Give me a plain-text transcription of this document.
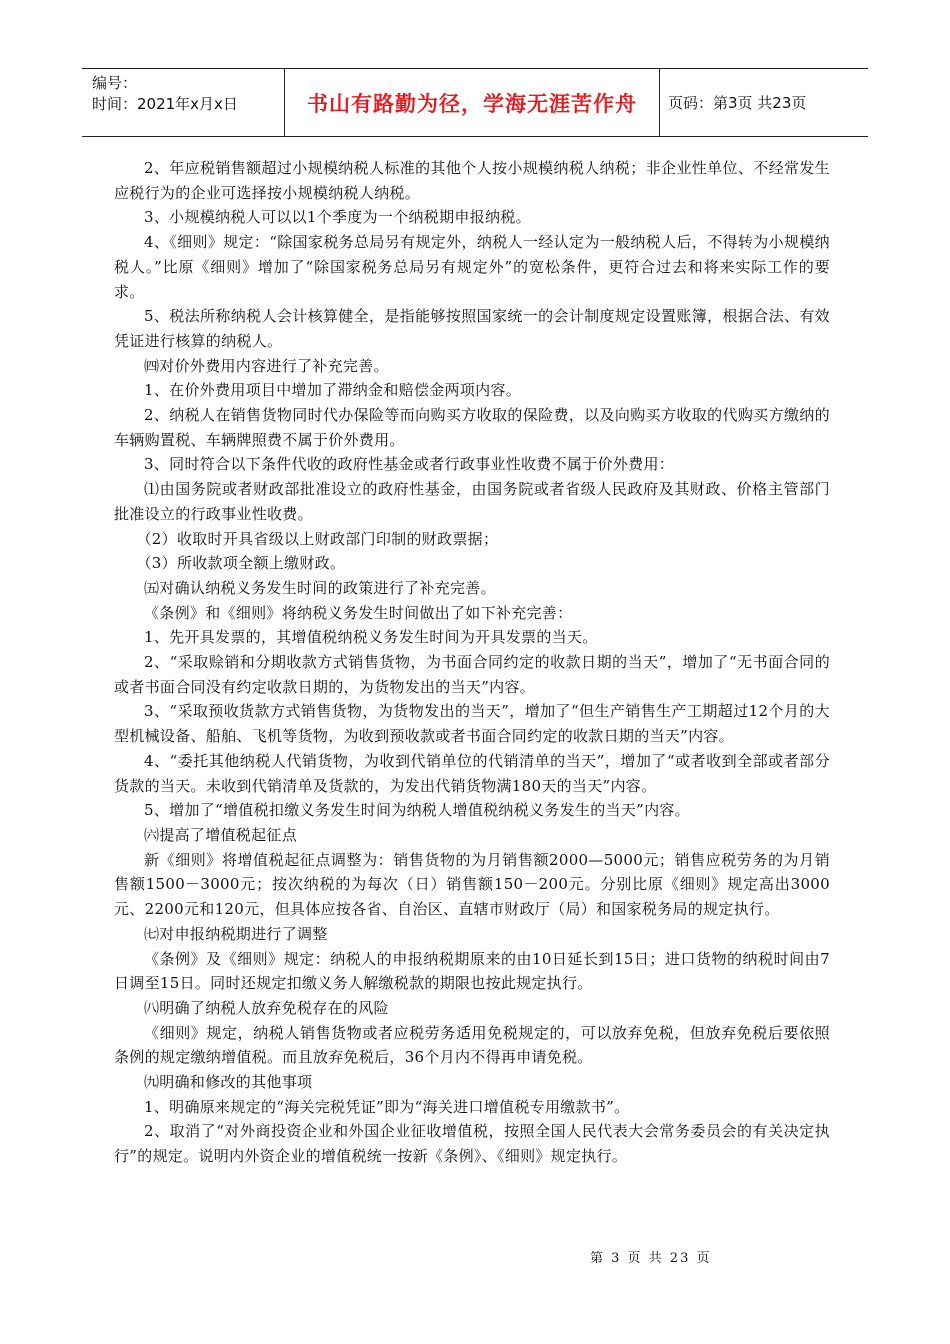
编号：
时间：2021年x月x日	书山有路勤为径，学海无涯苦作舟 页码：第3页 共23页

2、年应税销售额超过小规模纳税人标准的其他个人按小规模纳税人纳税；非企业性单位、不经常发生应税行为的企业可选择按小规模纳税人纳税。

3、小规模纳税人可以以1个季度为一个纳税期申报纳税。

4、《细则》规定：“除国家税务总局另有规定外，纳税人一经认定为一般纳税人后，不得转为小规模纳税人。”比原《细则》增加了“除国家税务总局另有规定外”的宽松条件，更符合过去和将来实际工作的要求。

5、税法所称纳税人会计核算健全，是指能够按照国家统一的会计制度规定设置账簿，根据合法、有效凭证进行核算的纳税人。

㈣对价外费用内容进行了补充完善。

1、在价外费用项目中增加了滞纳金和赔偿金两项内容。

2、纳税人在销售货物同时代办保险等而向购买方收取的保险费，以及向购买方收取的代购买方缴纳的车辆购置税、车辆牌照费不属于价外费用。

3、同时符合以下条件代收的政府性基金或者行政事业性收费不属于价外费用：

⑴由国务院或者财政部批准设立的政府性基金，由国务院或者省级人民政府及其财政、价格主管部门批准设立的行政事业性收费。

（2）收取时开具省级以上财政部门印制的财政票据；

（3）所收款项全额上缴财政。

㈤对确认纳税义务发生时间的政策进行了补充完善。

《条例》和《细则》将纳税义务发生时间做出了如下补充完善：

1、先开具发票的，其增值税纳税义务发生时间为开具发票的当天。

2、“采取赊销和分期收款方式销售货物，为书面合同约定的收款日期的当天”，增加了“无书面合同的或者书面合同没有约定收款日期的，为货物发出的当天”内容。

3、“采取预收货款方式销售货物，为货物发出的当天”，增加了“但生产销售生产工期超过12个月的大型机械设备、船舶、飞机等货物，为收到预收款或者书面合同约定的收款日期的当天”内容。

4、“委托其他纳税人代销货物，为收到代销单位的代销清单的当天”，增加了“或者收到全部或者部分货款的当天。未收到代销清单及货款的，为发出代销货物满180天的当天”内容。

5、增加了“增值税扣缴义务发生时间为纳税人增值税纳税义务发生的当天”内容。

㈥提高了增值税起征点

新《细则》将增值税起征点调整为：销售货物的为月销售额2000—5000元；销售应税劳务的为月销售额1500－3000元；按次纳税的为每次（日）销售额150－200元。分别比原《细则》规定高出3000元、2200元和120元，但具体应按各省、自治区、直辖市财政厅（局）和国家税务局的规定执行。

㈦对申报纳税期进行了调整

《条例》及《细则》规定：纳税人的申报纳税期原来的由10日延长到15日；进口货物的纳税时间由7日调至15日。同时还规定扣缴义务人解缴税款的期限也按此规定执行。

㈧明确了纳税人放弃免税存在的风险

《细则》规定，纳税人销售货物或者应税劳务适用免税规定的，可以放弃免税，但放弃免税后要依照条例的规定缴纳增值税。而且放弃免税后，36个月内不得再申请免税。

㈨明确和修改的其他事项

1、明确原来规定的“海关完税凭证”即为“海关进口增值税专用缴款书”。

2、取消了“对外商投资企业和外国企业征收增值税，按照全国人民代表大会常务委员会的有关决定执行”的规定。说明内外资企业的增值税统一按新《条例》、《细则》规定执行。

第 3 页 共 23 页
